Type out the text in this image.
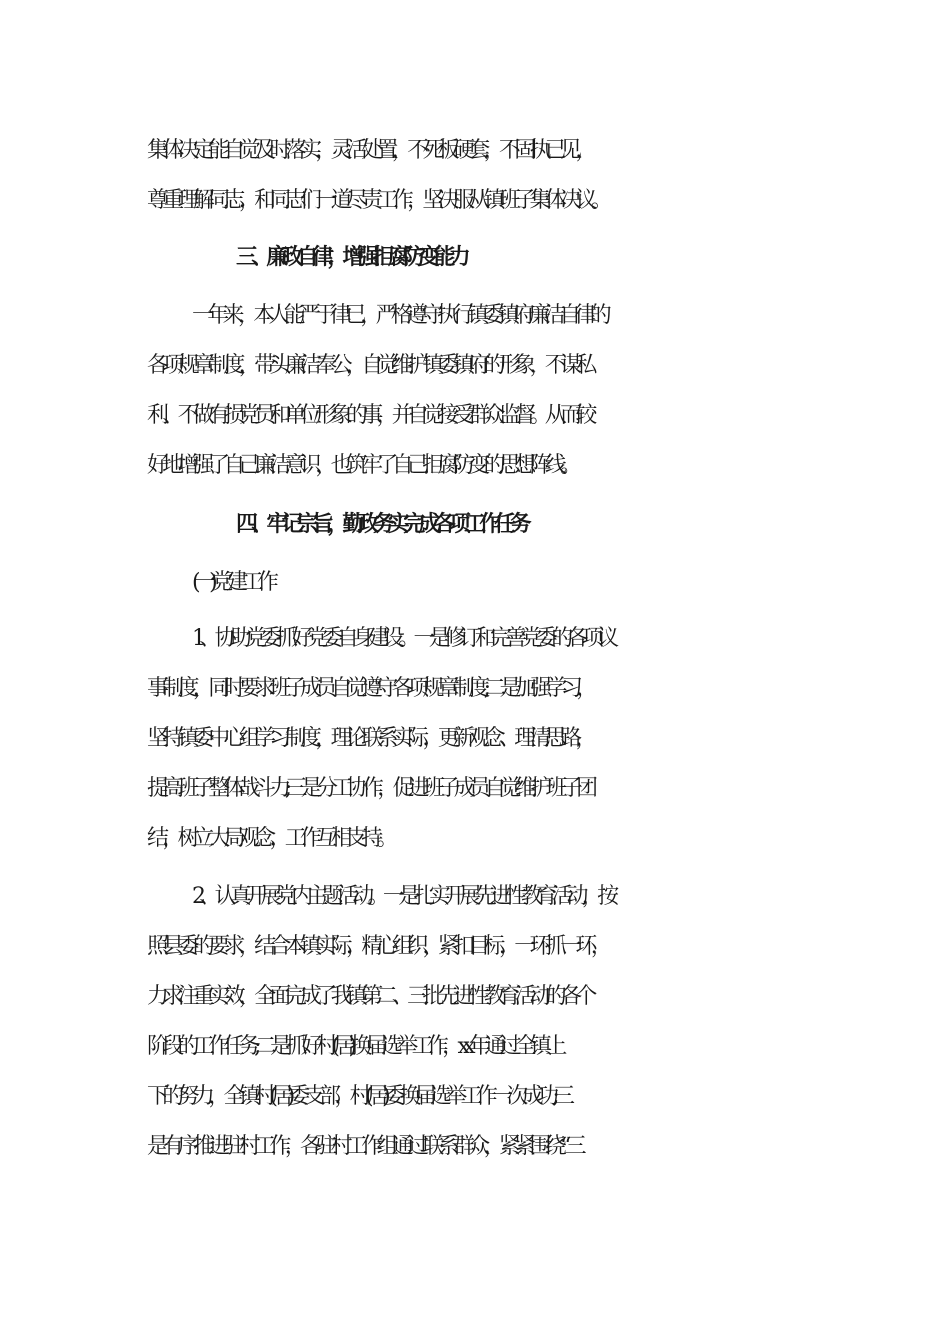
集体决定能自觉及时落实，灵活处置，不死板硬套，不固执已见，
尊重理解同志，和同志们一道尽责工作，坚决服从镇班子集体决议。
三、廉政自律，增强拒腐防变能力
一年来，本人能严于律已，严格遵守执行镇委镇府廉洁自律的
各项规章制度，带头廉洁奉公，自觉维护镇委镇府的形象，不谋私
利、不做有损党员和单位形象的事，并自觉接受群众监督。从而较
好地增强了自己廉洁意识，也筑牢了自己拒腐防变的思想阵线。
四、牢记宗旨，勤政务实完成各项工作任务
(一)党建工作
1、协助党委抓好党委自身建设。一是修订和完善党委的各项议
事制度，同时要求班子成员自觉遵守各项规章制度;二是加强学习，
坚持镇委中心组学习制度，理论联系实际，更新观念、理清思路，
提高班子整体战斗力;三是分工协作，促进班子成员自觉维护班子团
结，树立大局观念，工作互相支持。
2、认真开展党内主题活动。一是扎实开展先进性教育活动，按
照县委的要求，结合本镇实际，精心组织，紧扣目标，一环抓一环，
力求注重实效，全面完成了我镇第二、三批先进性教育活动的各个
阶段的工作任务;二是抓好村(居)换届选举工作，xx年通过全镇上
下的努力，全镇村(居)委支部，村(居)委换届选举工作一次成功;三
是有序推进驻村工作，各驻村工作组通过联系群众，紧紧围绕“三
